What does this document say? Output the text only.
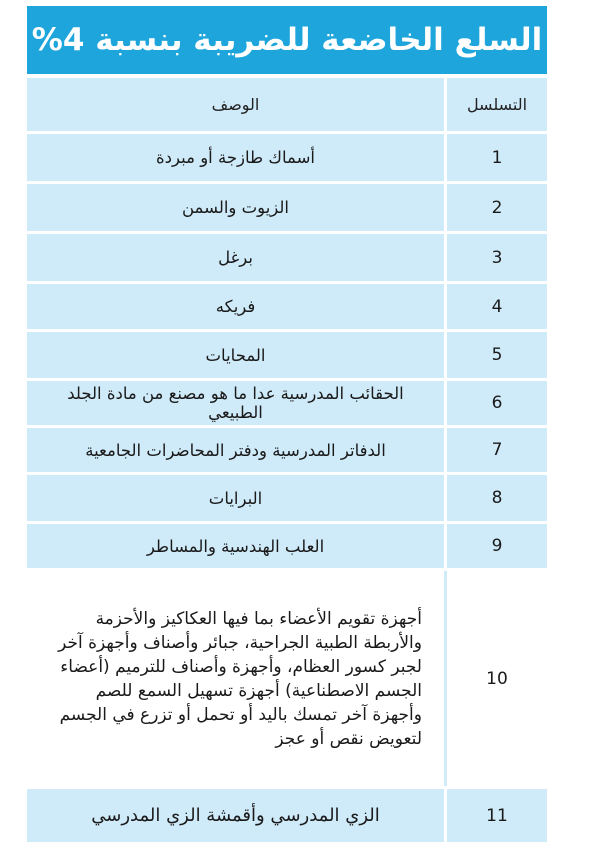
السلع الخاضعة للضريبة بنسبة 4%
التسلسل
الوصف
1
أسماك طازجة أو مبردة
2
الزيوت والسمن
3
برغل
4
فريكه
5
المحايات
6
الحقائب المدرسية عدا ما هو مصنع من مادة الجلد الطبيعي
7
الدفاتر المدرسية ودفتر المحاضرات الجامعية
8
البرايات
9
العلب الهندسية والمساطر
10
أجهزة تقويم الأعضاء بما فيها العكاكيز والأحزمة
والأربطة الطبية الجراحية، جبائر وأصناف وأجهزة آخر
لجبر كسور العظام، وأجهزة وأصناف للترميم (أعضاء
الجسم الاصطناعية) أجهزة تسهيل السمع للصم
وأجهزة آخر تمسك باليد أو تحمل أو تزرع في الجسم
لتعويض نقص أو عجز
11
الزي المدرسي وأقمشة الزي المدرسي
